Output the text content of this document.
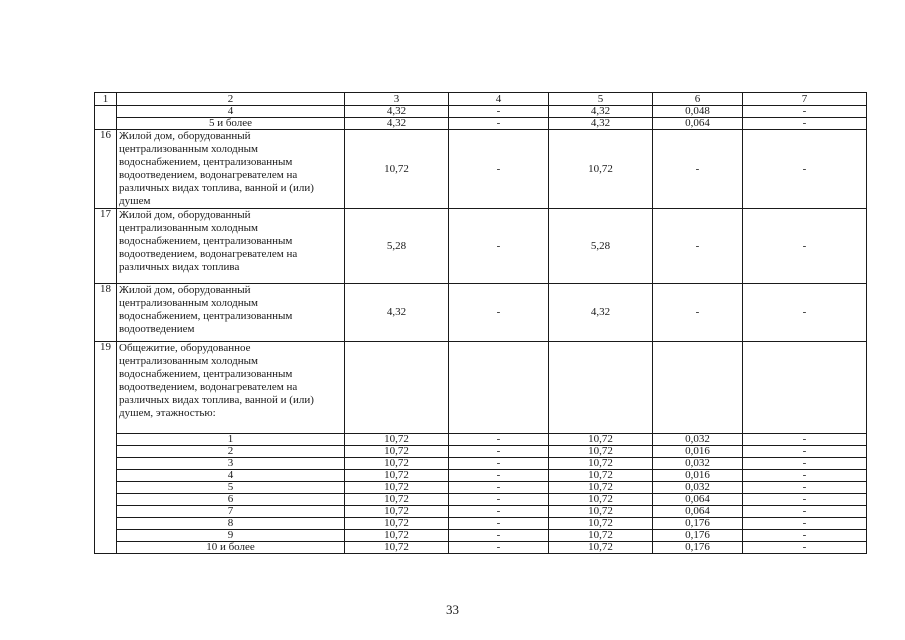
1	2	3	4	5	6	7
	4	4,32	-	4,32	0,048	-
	5 и более	4,32	-	4,32	0,064	-
16	Жилой дом, оборудованный централизованным холодным водоснабжением, централизованным водоотведением, водонагревателем на различных видах топлива, ванной и (или) душем	10,72	-	10,72	-	-
17	Жилой дом, оборудованный централизованным холодным водоснабжением, централизованным водоотведением, водонагревателем на различных видах топлива	5,28	-	5,28	-	-
18	Жилой дом, оборудованный централизованным холодным водоснабжением, централизованным водоотведением	4,32	-	4,32	-	-
19	Общежитие, оборудованное централизованным холодным водоснабжением, централизованным водоотведением, водонагревателем на различных видах топлива, ванной и (или) душем, этажностью:					
	1	10,72	-	10,72	0,032	-
	2	10,72	-	10,72	0,016	-
	3	10,72	-	10,72	0,032	-
	4	10,72	-	10,72	0,016	-
	5	10,72	-	10,72	0,032	-
	6	10,72	-	10,72	0,064	-
	7	10,72	-	10,72	0,064	-
	8	10,72	-	10,72	0,176	-
	9	10,72	-	10,72	0,176	-
	10 и более	10,72	-	10,72	0,176	-
33
